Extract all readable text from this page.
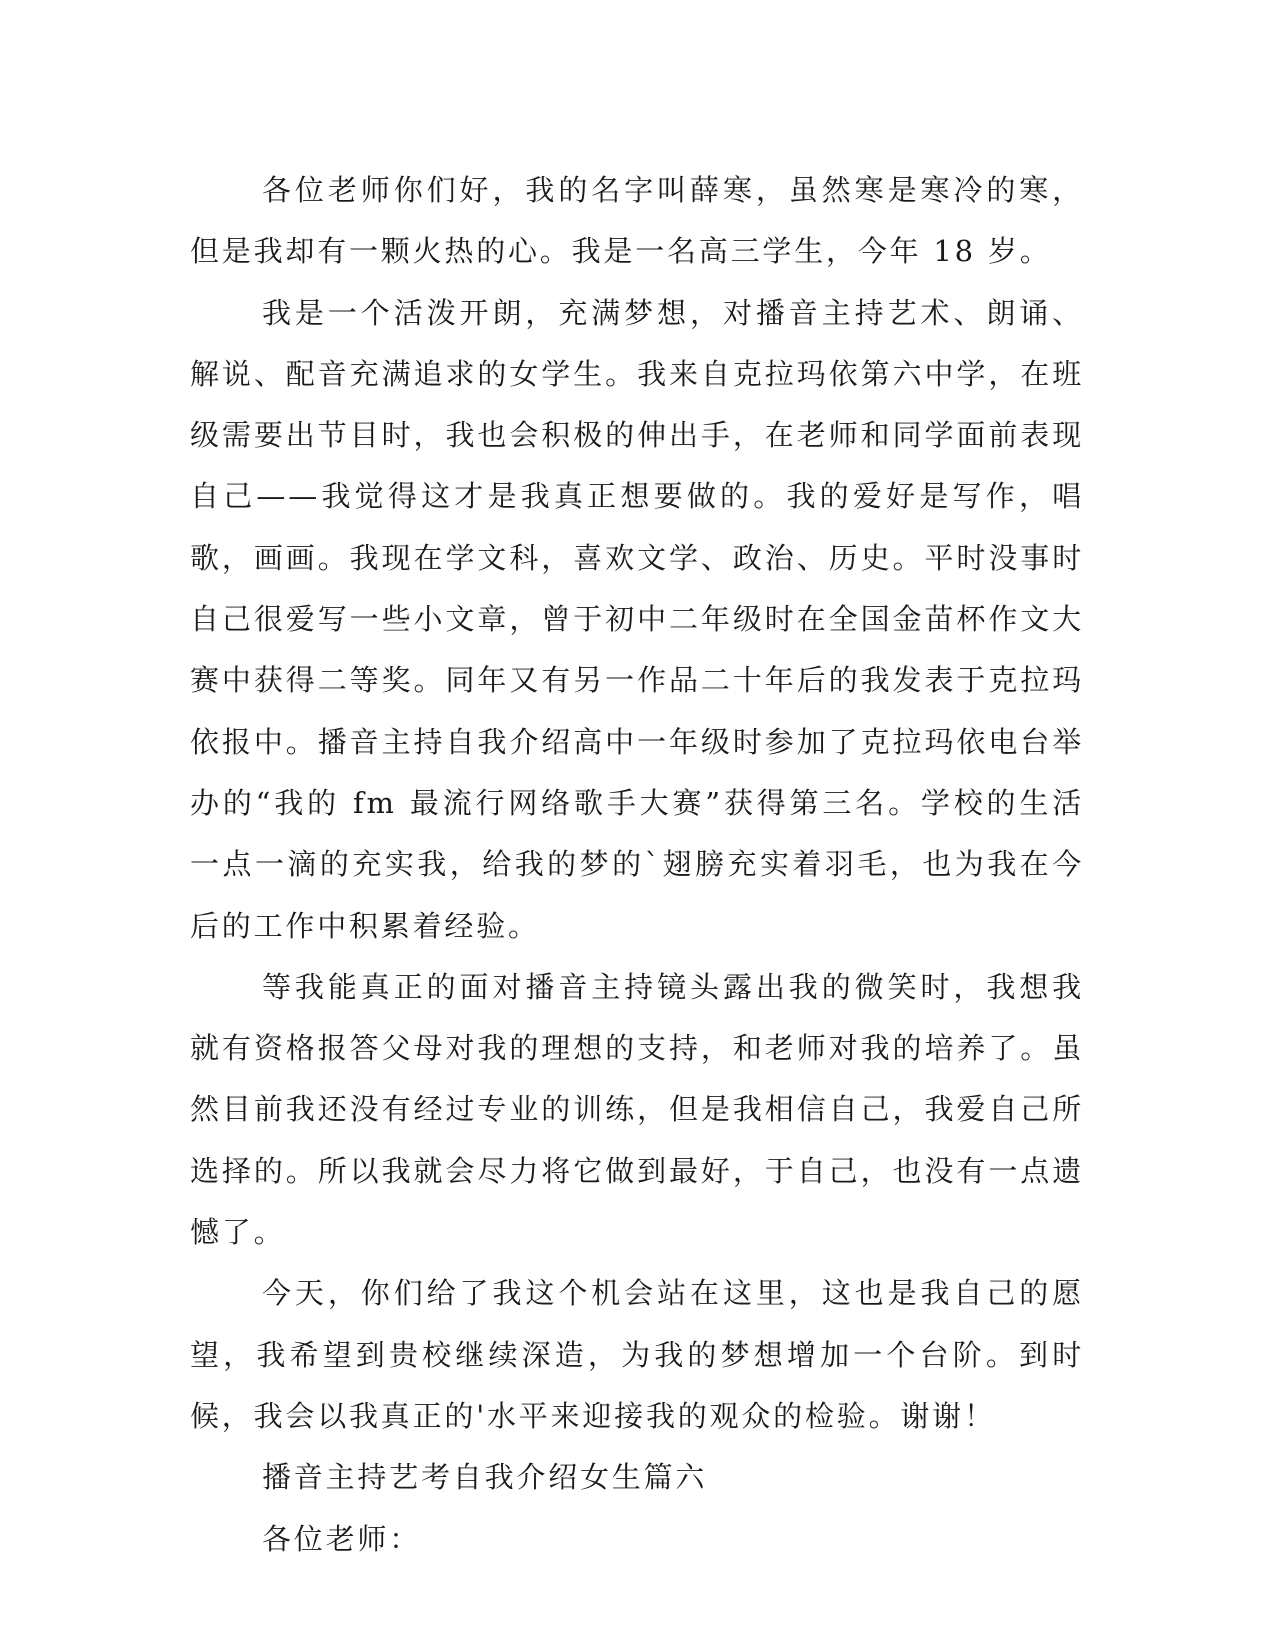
各位老师你们好，我的名字叫薛寒，虽然寒是寒冷的寒，但是我却有一颗火热的心。我是一名高三学生，今年 18 岁。

我是一个活泼开朗，充满梦想，对播音主持艺术、朗诵、解说、配音充满追求的女学生。我来自克拉玛依第六中学，在班级需要出节目时，我也会积极的伸出手，在老师和同学面前表现自己——我觉得这才是我真正想要做的。我的爱好是写作，唱歌，画画。我现在学文科，喜欢文学、政治、历史。平时没事时自己很爱写一些小文章，曾于初中二年级时在全国金苗杯作文大赛中获得二等奖。同年又有另一作品二十年后的我发表于克拉玛依报中。播音主持自我介绍高中一年级时参加了克拉玛依电台举办的“我的 fm 最流行网络歌手大赛”获得第三名。学校的生活一点一滴的充实我，给我的梦的`翅膀充实着羽毛，也为我在今后的工作中积累着经验。

等我能真正的面对播音主持镜头露出我的微笑时，我想我就有资格报答父母对我的理想的支持，和老师对我的培养了。虽然目前我还没有经过专业的训练，但是我相信自己，我爱自己所选择的。所以我就会尽力将它做到最好，于自己，也没有一点遗憾了。

今天，你们给了我这个机会站在这里，这也是我自己的愿望，我希望到贵校继续深造，为我的梦想增加一个台阶。到时候，我会以我真正的'水平来迎接我的观众的检验。谢谢！

播音主持艺考自我介绍女生篇六

各位老师：
